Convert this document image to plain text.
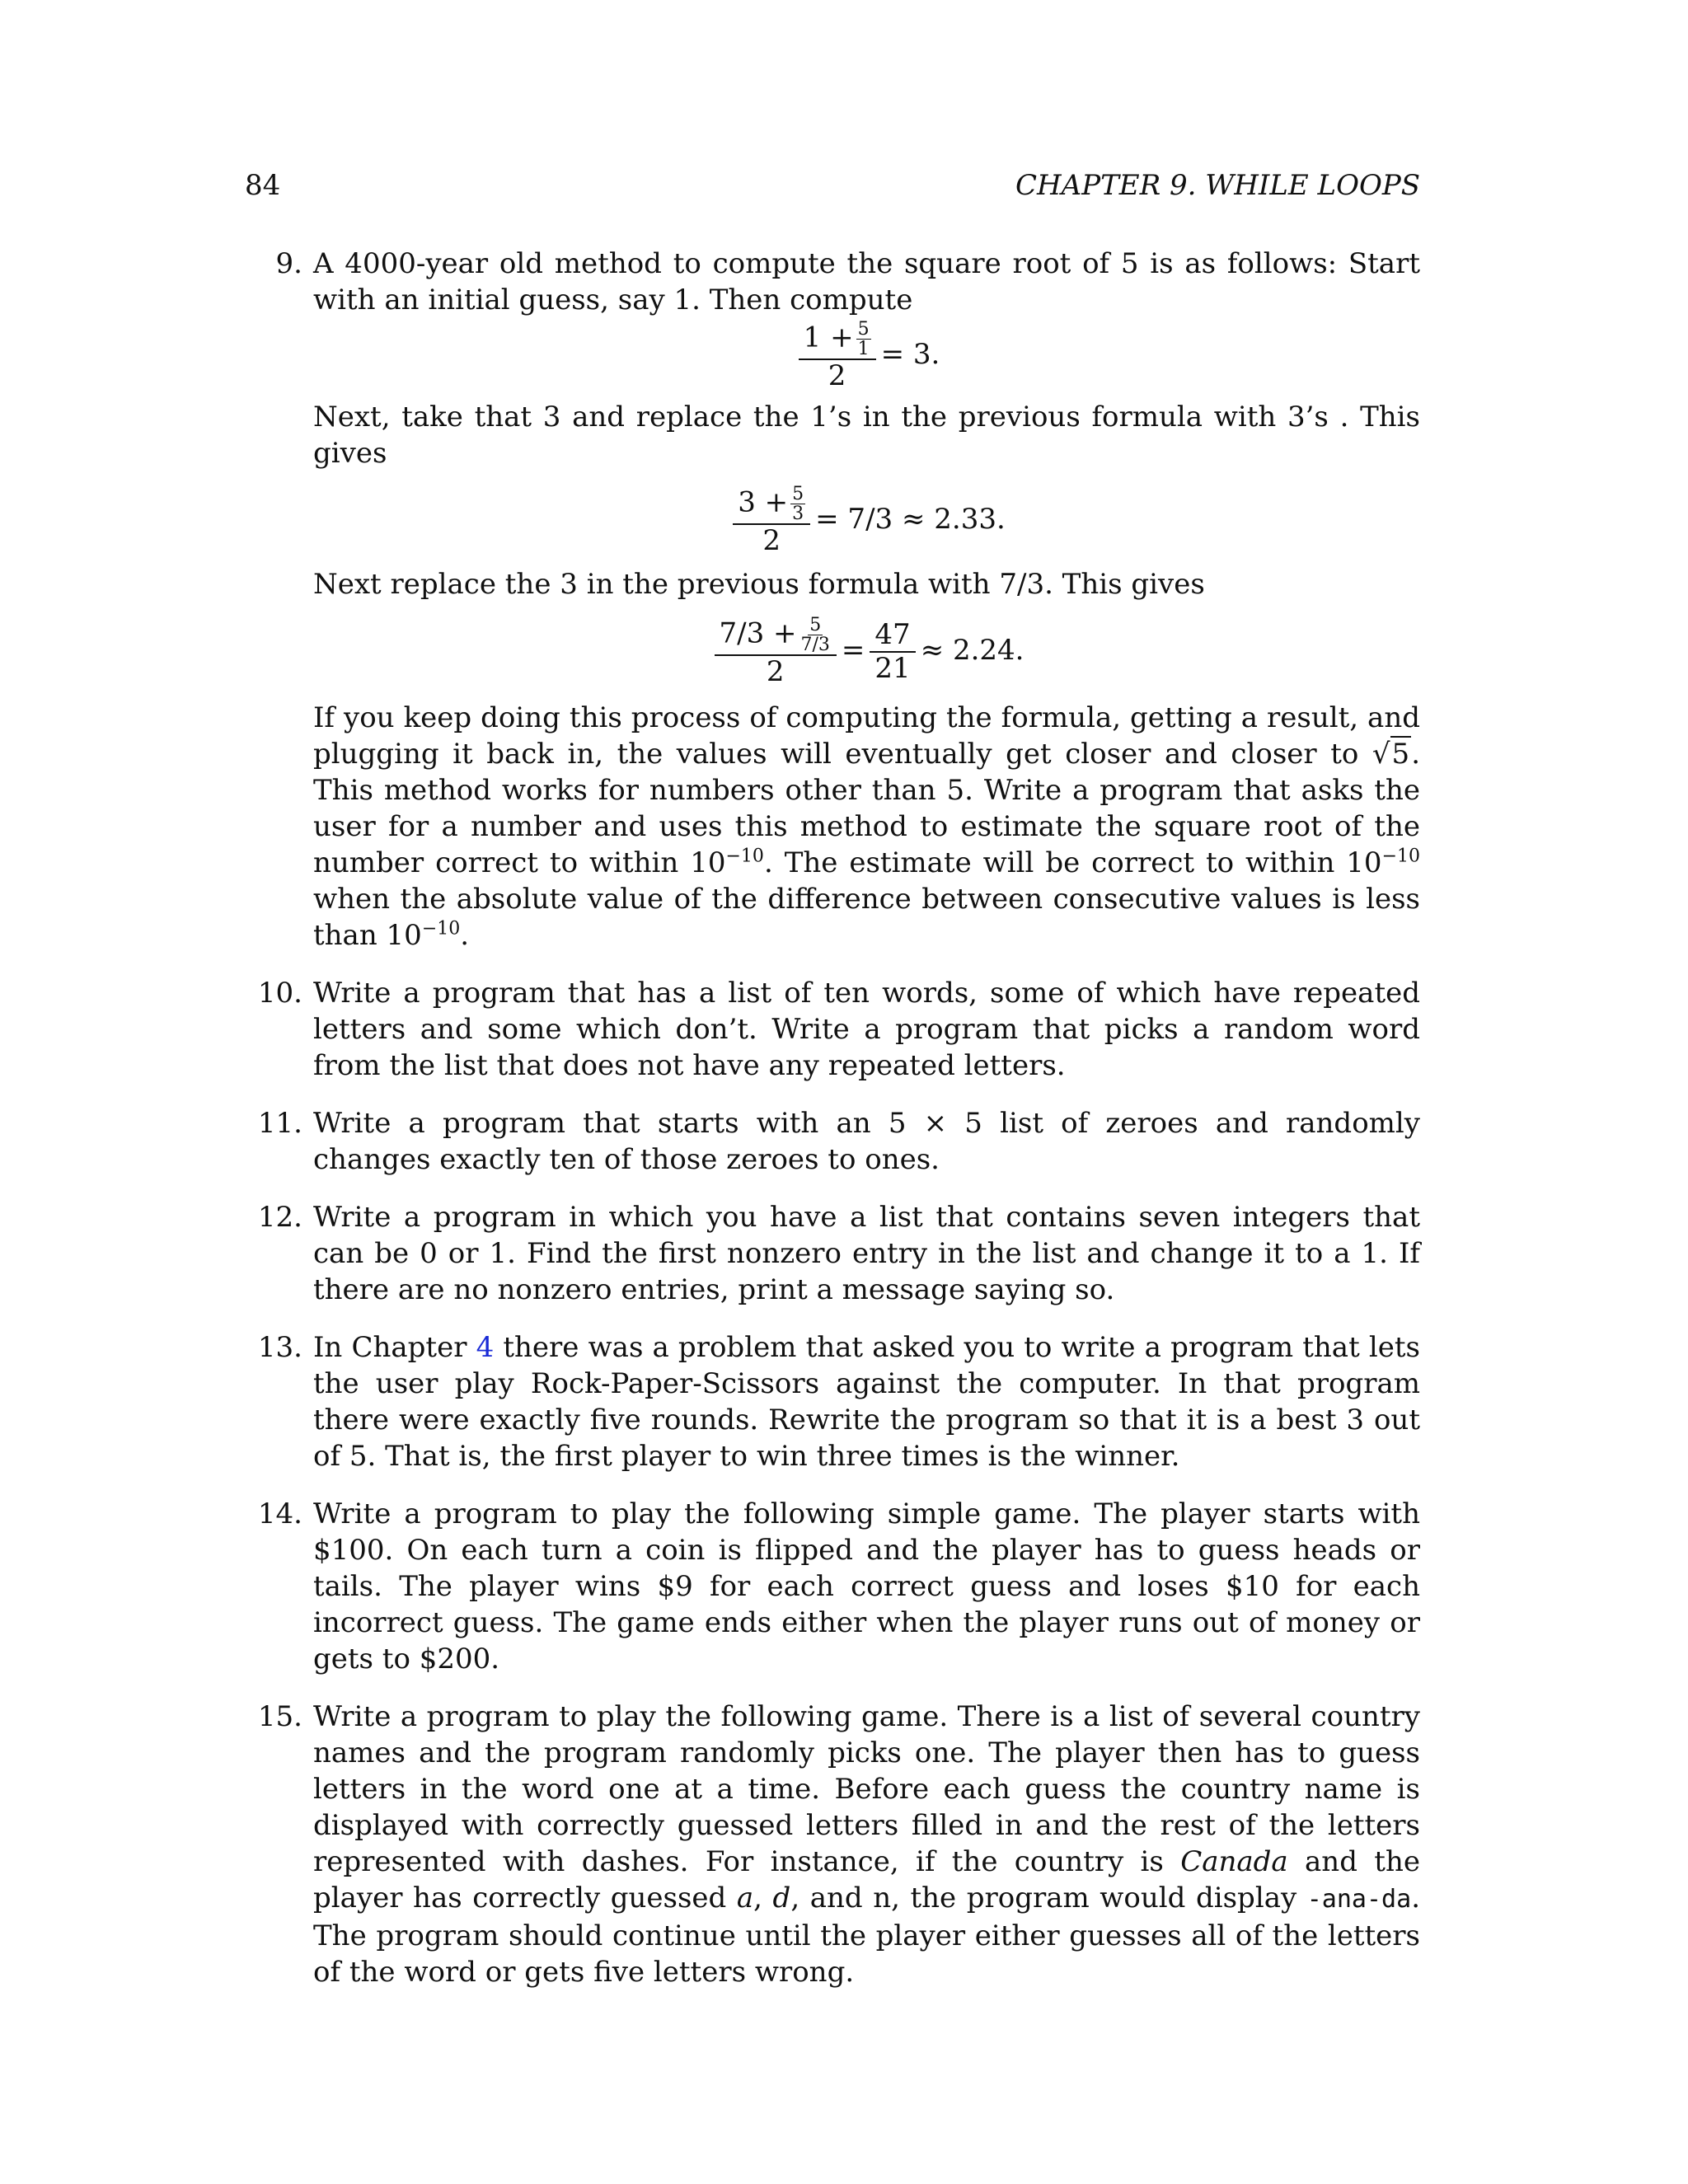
84	CHAPTER 9. WHILE LOOPS
9. A 4000-year old method to compute the square root of 5 is as follows: Start with an initial guess, say 1. Then compute

$\frac{1 + \frac{5}{1}}{2} = 3$.

Next, take that 3 and replace the 1’s in the previous formula with 3’s . This gives

$\frac{3 + \frac{5}{3}}{2} = 7/3 \approx 2.33$.

Next replace the 3 in the previous formula with 7/3. This gives

$\frac{7/3 + \frac{5}{7/3}}{2} = \frac{47}{21} \approx 2.24$.

If you keep doing this process of computing the formula, getting a result, and plugging it back in, the values will eventually get closer and closer to √5. This method works for numbers other than 5. Write a program that asks the user for a number and uses this method to estimate the square root of the number correct to within $10^{-10}$. The estimate will be correct to within $10^{-10}$ when the absolute value of the difference between consecutive values is less than $10^{-10}$.

10. Write a program that has a list of ten words, some of which have repeated letters and some which don’t. Write a program that picks a random word from the list that does not have any repeated letters.

11. Write a program that starts with an 5 × 5 list of zeroes and randomly changes exactly ten of those zeroes to ones.

12. Write a program in which you have a list that contains seven integers that can be 0 or 1. Find the first nonzero entry in the list and change it to a 1. If there are no nonzero entries, print a message saying so.

13. In Chapter 4 there was a problem that asked you to write a program that lets the user play Rock-Paper-Scissors against the computer. In that program there were exactly five rounds. Rewrite the program so that it is a best 3 out of 5. That is, the first player to win three times is the winner.

14. Write a program to play the following simple game. The player starts with $100. On each turn a coin is flipped and the player has to guess heads or tails. The player wins $9 for each correct guess and loses $10 for each incorrect guess. The game ends either when the player runs out of money or gets to $200.

15. Write a program to play the following game. There is a list of several country names and the program randomly picks one. The player then has to guess letters in the word one at a time. Before each guess the country name is displayed with correctly guessed letters filled in and the rest of the letters represented with dashes. For instance, if the country is Canada and the player has correctly guessed a, d, and n, the program would display -ana-da. The program should continue until the player either guesses all of the letters of the word or gets five letters wrong.
